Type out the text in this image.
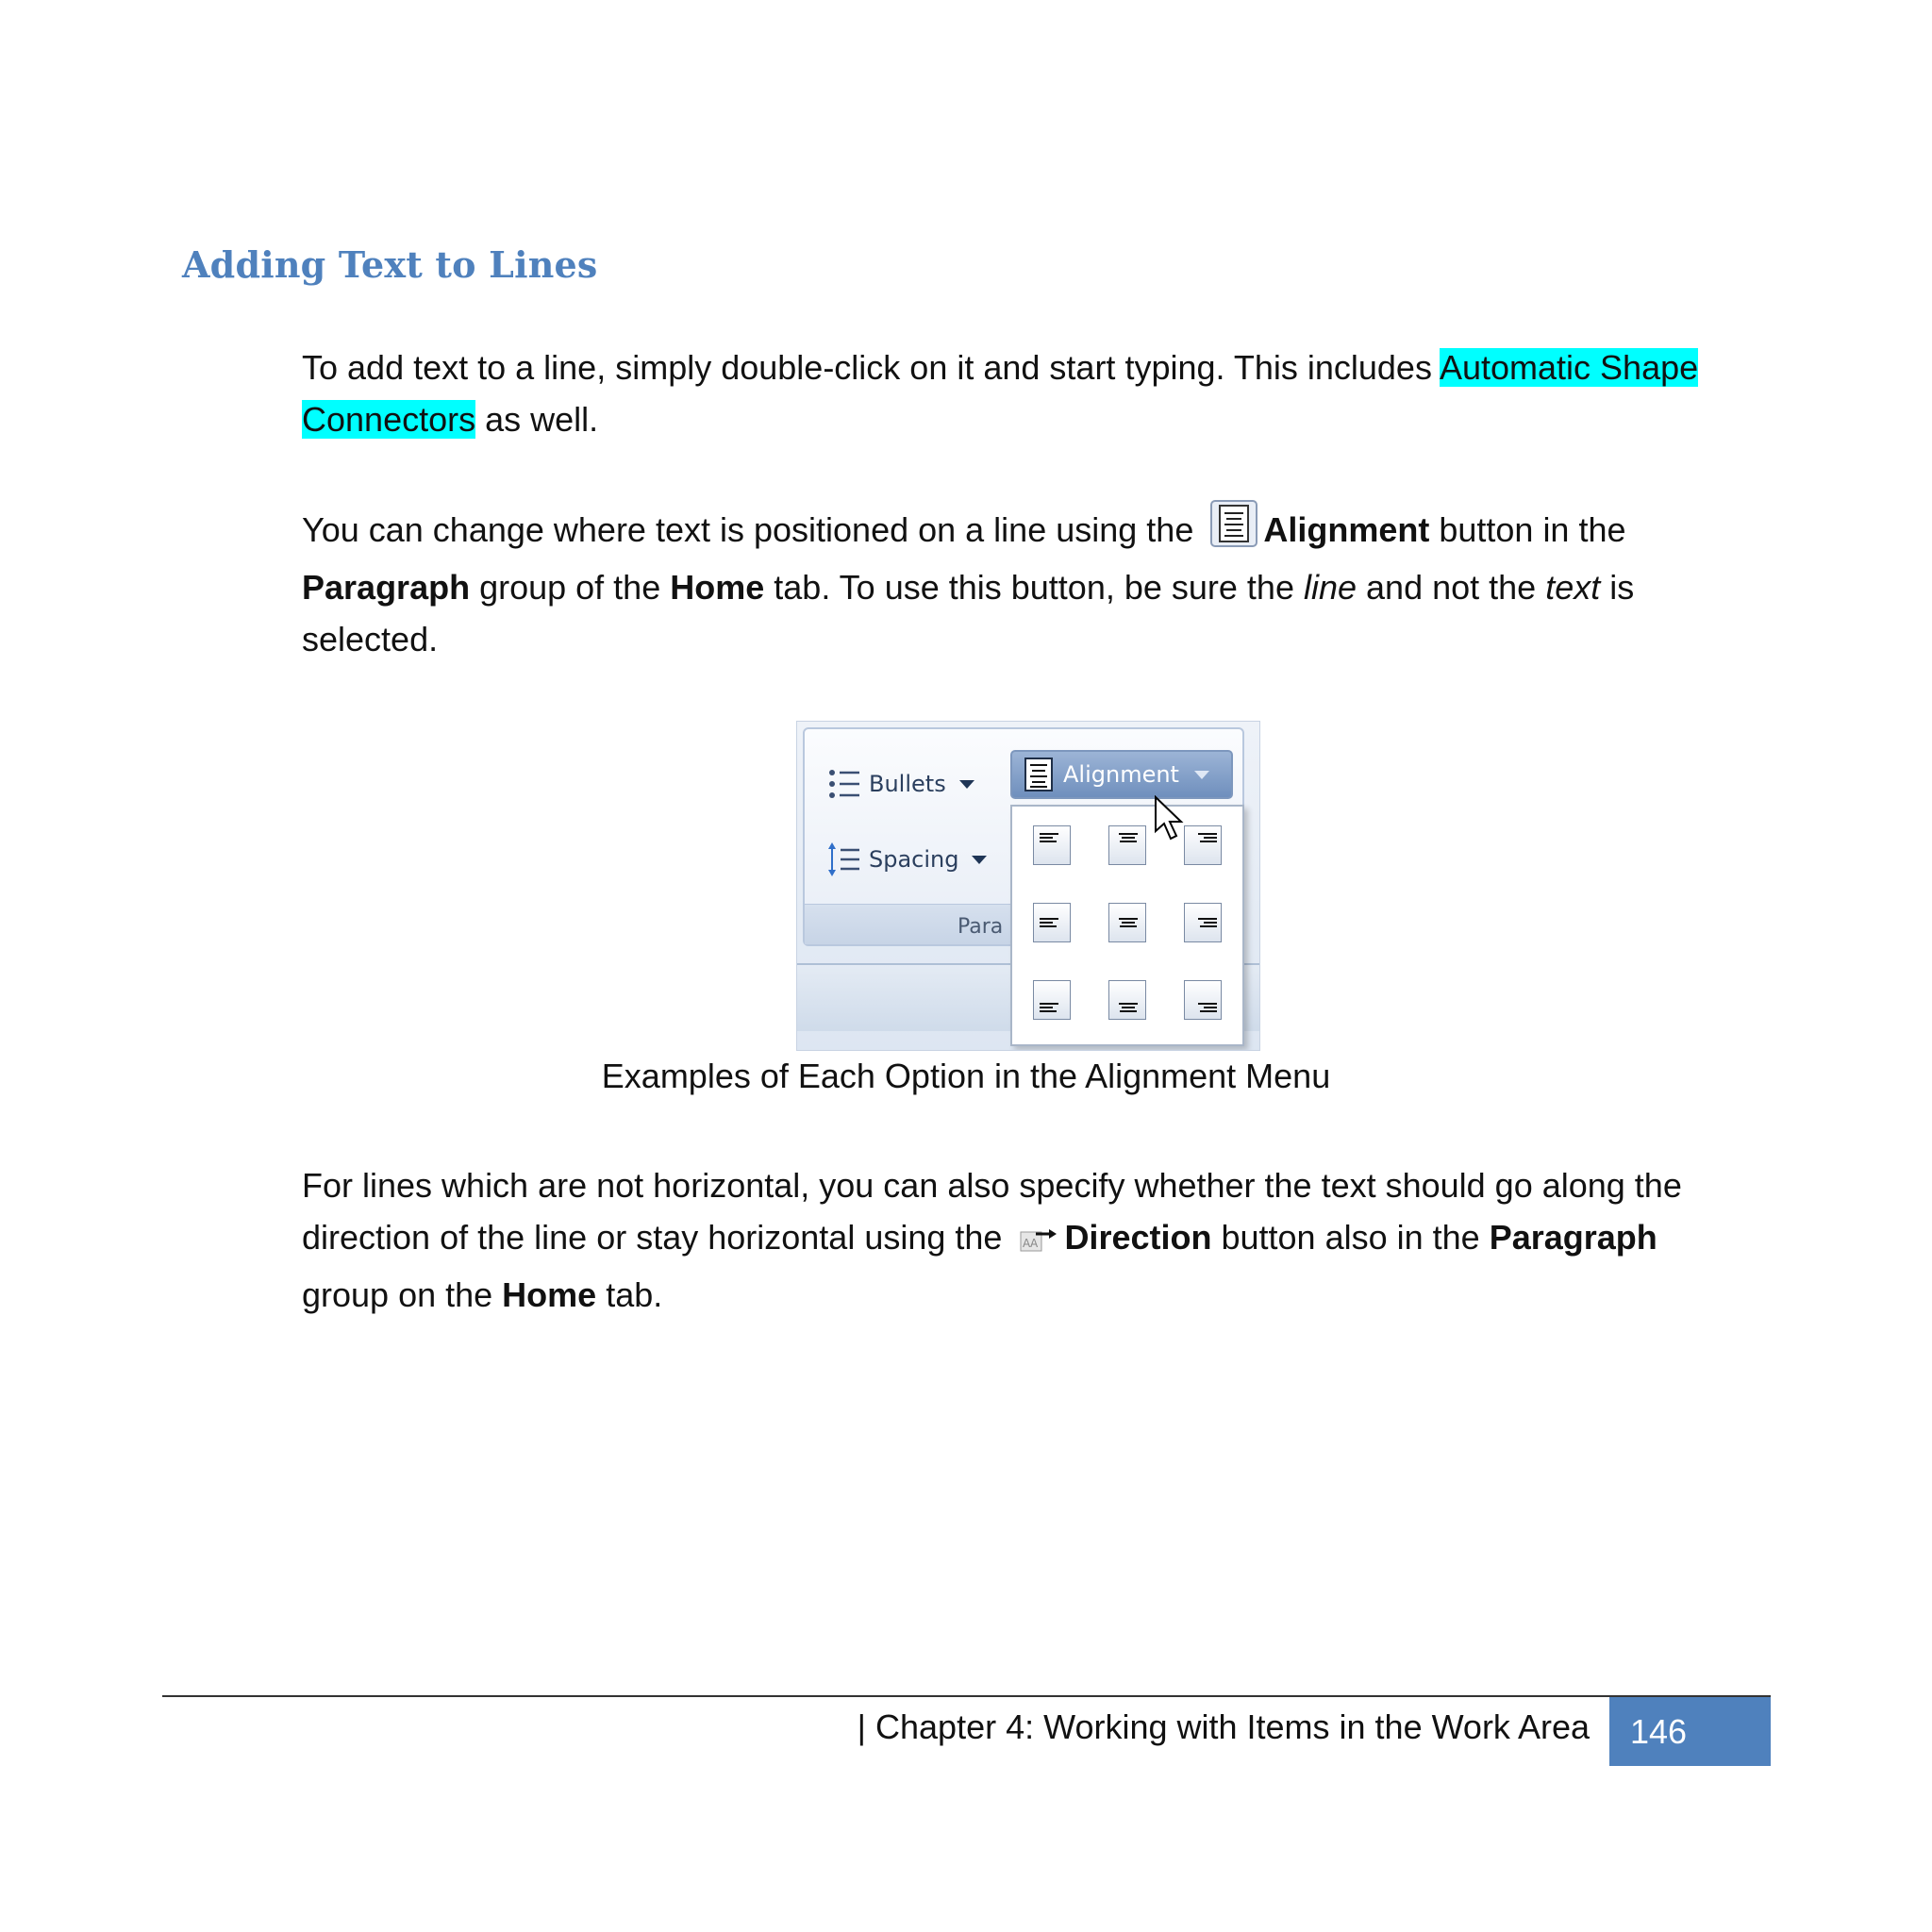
Adding Text to Lines
To add text to a line, simply double-click on it and start typing. This includes Automatic Shape Connectors as well.
You can change where text is positioned on a line using the Alignment button in the
Paragraph group of the Home tab. To use this button, be sure the line and not the text is selected.
Bullets
Spacing
Para
Alignment
Examples of Each Option in the Alignment Menu
For lines which are not horizontal, you can also specify whether the text should go along the direction of the line or stay horizontal using the A A Direction button also in the Paragraph
group on the Home tab.
| Chapter 4: Working with Items in the Work Area	146
